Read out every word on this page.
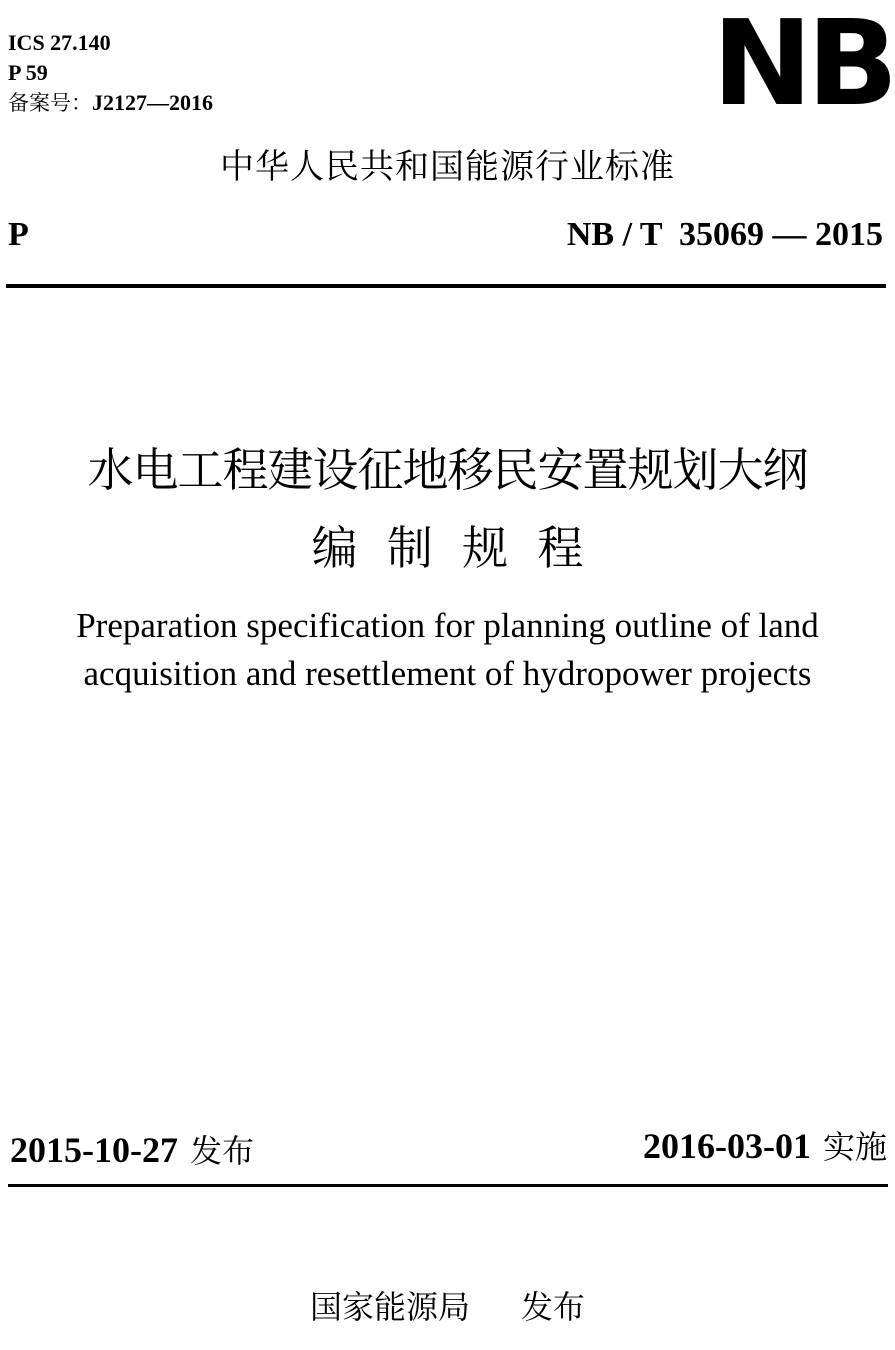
ICS 27.140
P 59
备案号：J2127—2016	NB
中华人民共和国能源行业标准
P	NB / T  35069 — 2015
水电工程建设征地移民安置规划大纲
编  制  规  程
Preparation specification for planning outline of land
acquisition and resettlement of hydropower projects
2015-10-27 发布	2016-03-01 实施
国家能源局 发布
